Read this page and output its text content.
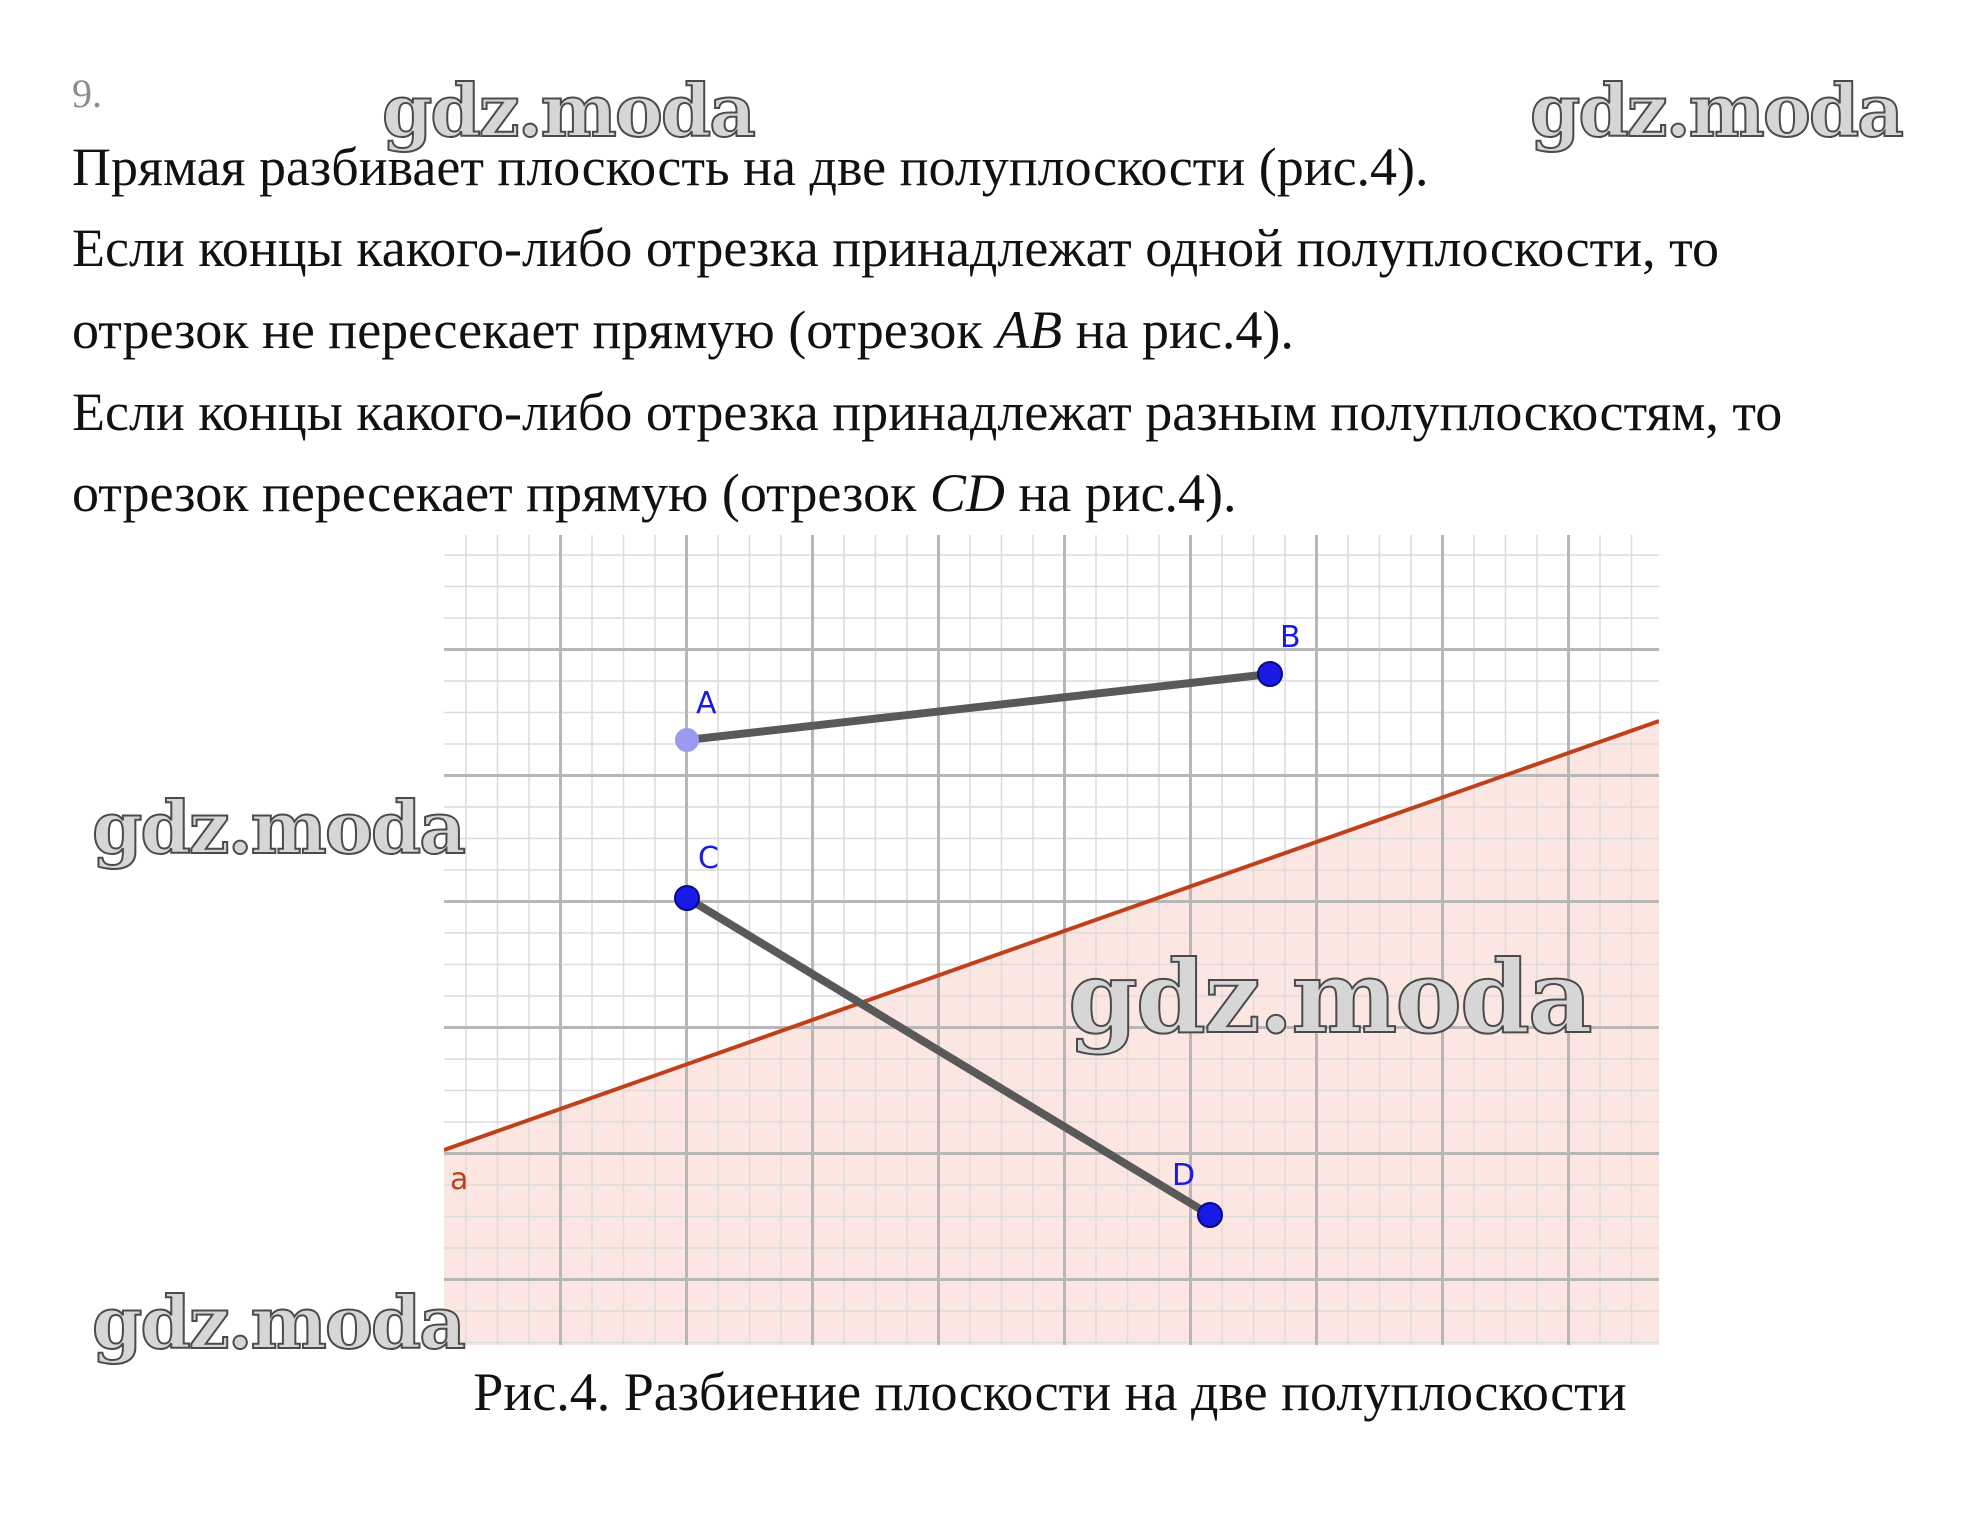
9.
Прямая разбивает плоскость на две полуплоскости (рис.4).
Если концы какого-либо отрезка принадлежат одной полуплоскости, то
отрезок не пересекает прямую (отрезок AB на рис.4).
Если концы какого-либо отрезка принадлежат разным полуплоскостям, то
отрезок пересекает прямую (отрезок CD на рис.4).
A
B
C
D
a
Рис.4. Разбиение плоскости на две полуплоскости
gdz.moda	gdz.moda
gdz.moda
gdz.moda
gdz.moda
